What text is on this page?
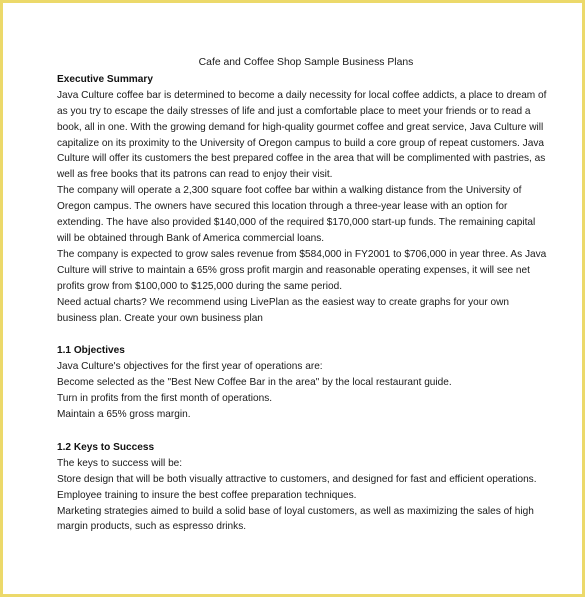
Cafe and Coffee Shop Sample Business Plans
Executive Summary

Java Culture coffee bar is determined to become a daily necessity for local coffee addicts, a place to dream of as you try to escape the daily stresses of life and just a comfortable place to meet your friends or to read a book, all in one. With the growing demand for high-quality gourmet coffee and great service, Java Culture will capitalize on its proximity to the University of Oregon campus to build a core group of repeat customers. Java Culture will offer its customers the best prepared coffee in the area that will be complimented with pastries, as well as free books that its patrons can read to enjoy their visit.

The company will operate a 2,300 square foot coffee bar within a walking distance from the University of Oregon campus. The owners have secured this location through a three-year lease with an option for extending. The have also provided $140,000 of the required $170,000 start-up funds. The remaining capital will be obtained through Bank of America commercial loans.

The company is expected to grow sales revenue from $584,000 in FY2001 to $706,000 in year three. As Java Culture will strive to maintain a 65% gross profit margin and reasonable operating expenses, it will see net profits grow from $100,000 to $125,000 during the same period.

Need actual charts? We recommend using LivePlan as the easiest way to create graphs for your own business plan. Create your own business plan

1.1 Objectives

Java Culture's objectives for the first year of operations are:

Become selected as the "Best New Coffee Bar in the area" by the local restaurant guide.

Turn in profits from the first month of operations.

Maintain a 65% gross margin.

1.2 Keys to Success

The keys to success will be:

Store design that will be both visually attractive to customers, and designed for fast and efficient operations.

Employee training to insure the best coffee preparation techniques.

Marketing strategies aimed to build a solid base of loyal customers, as well as maximizing the sales of high margin products, such as espresso drinks.
